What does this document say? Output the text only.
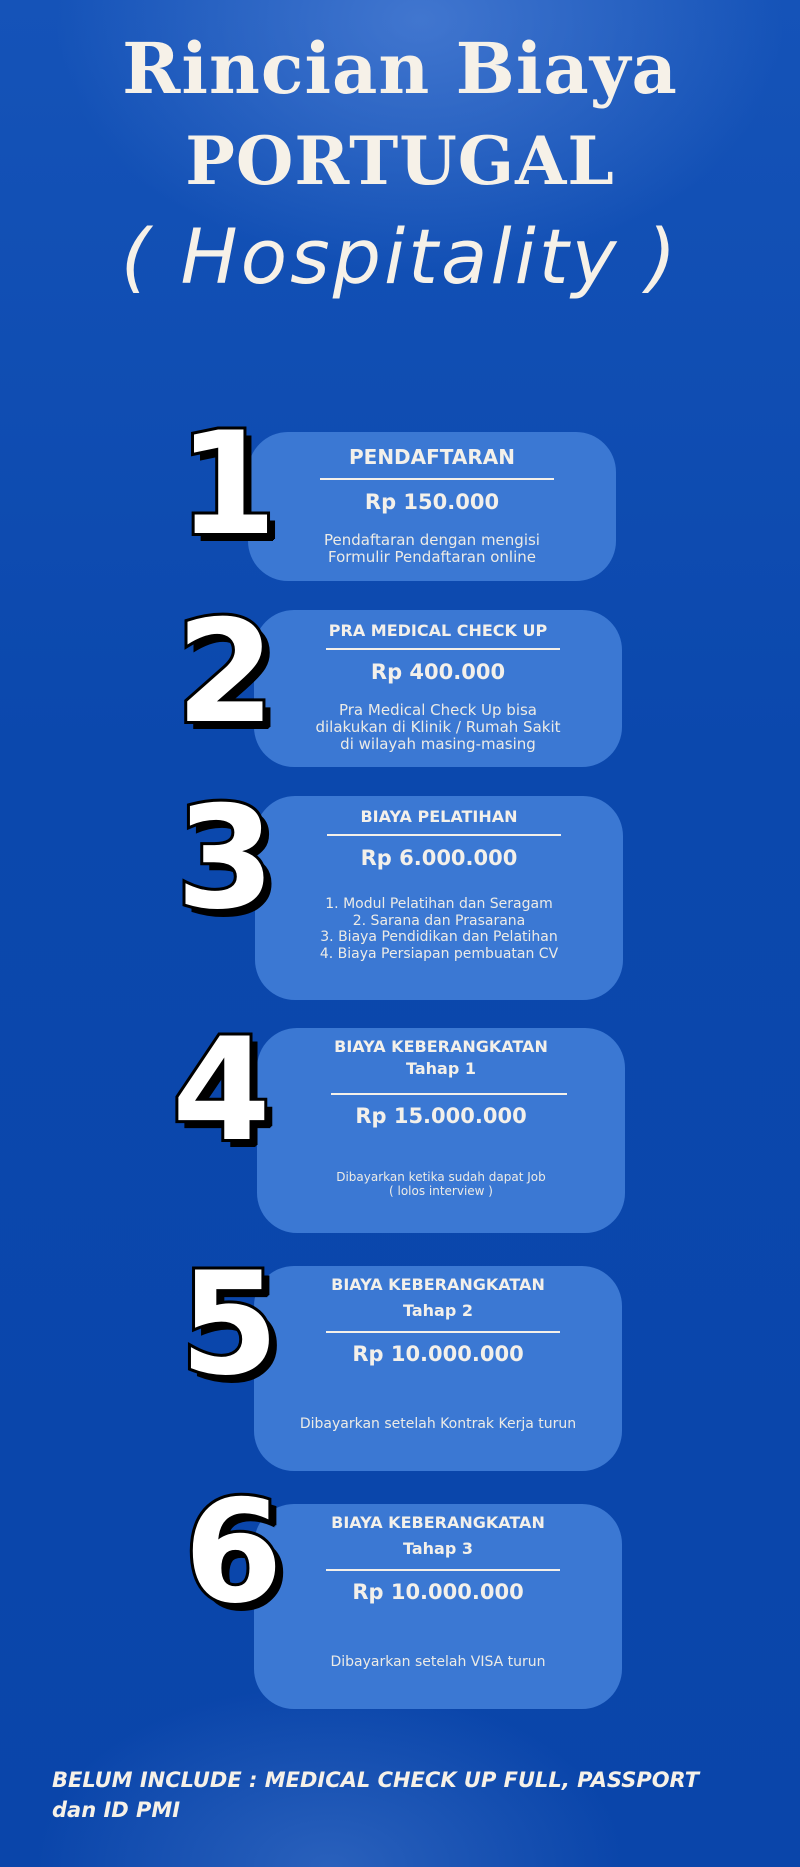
Rincian Biaya
PORTUGAL
( Hospitality )
PENDAFTARAN
Rp 150.000
Pendaftaran dengan mengisi
Formulir Pendaftaran online
1
PRA MEDICAL CHECK UP
Rp 400.000
Pra Medical Check Up bisa
dilakukan di Klinik / Rumah Sakit
di wilayah masing-masing
2
BIAYA PELATIHAN
Rp 6.000.000
1. Modul Pelatihan dan Seragam
2. Sarana dan Prasarana
3. Biaya Pendidikan dan Pelatihan
4. Biaya Persiapan pembuatan CV
3
BIAYA KEBERANGKATAN
Tahap 1
Rp 15.000.000
Dibayarkan ketika sudah dapat Job
( lolos interview )
4
BIAYA KEBERANGKATAN
Tahap 2
Rp 10.000.000
Dibayarkan setelah Kontrak Kerja turun
5
BIAYA KEBERANGKATAN
Tahap 3
Rp 10.000.000
Dibayarkan setelah VISA turun
6
BELUM INCLUDE : MEDICAL CHECK UP FULL, PASSPORT
dan ID PMI
